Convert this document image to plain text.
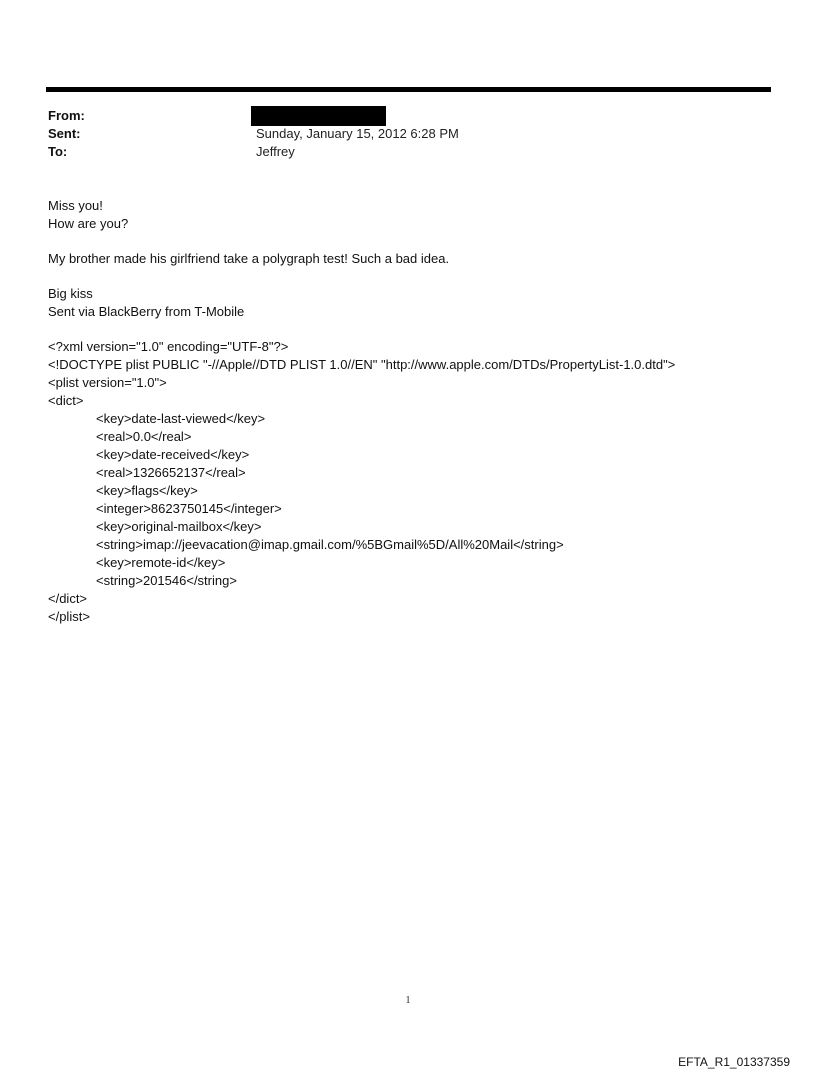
From:
Sent:	Sunday, January 15, 2012 6:28 PM
To:	Jeffrey
Miss you!
How are you?
My brother made his girlfriend take a polygraph test! Such a bad idea.
Big kiss
Sent via BlackBerry from T-Mobile
<?xml version="1.0" encoding="UTF-8"?>
<!DOCTYPE plist PUBLIC "-//Apple//DTD PLIST 1.0//EN" "http://www.apple.com/DTDs/PropertyList-1.0.dtd">
<plist version="1.0">
<dict>
<key>date-last-viewed</key>
<real>0.0</real>
<key>date-received</key>
<real>1326652137</real>
<key>flags</key>
<integer>8623750145</integer>
<key>original-mailbox</key>
<string>imap://jeevacation@imap.gmail.com/%5BGmail%5D/All%20Mail</string>
<key>remote-id</key>
<string>201546</string>
</dict>
</plist>
1
EFTA_R1_01337359
